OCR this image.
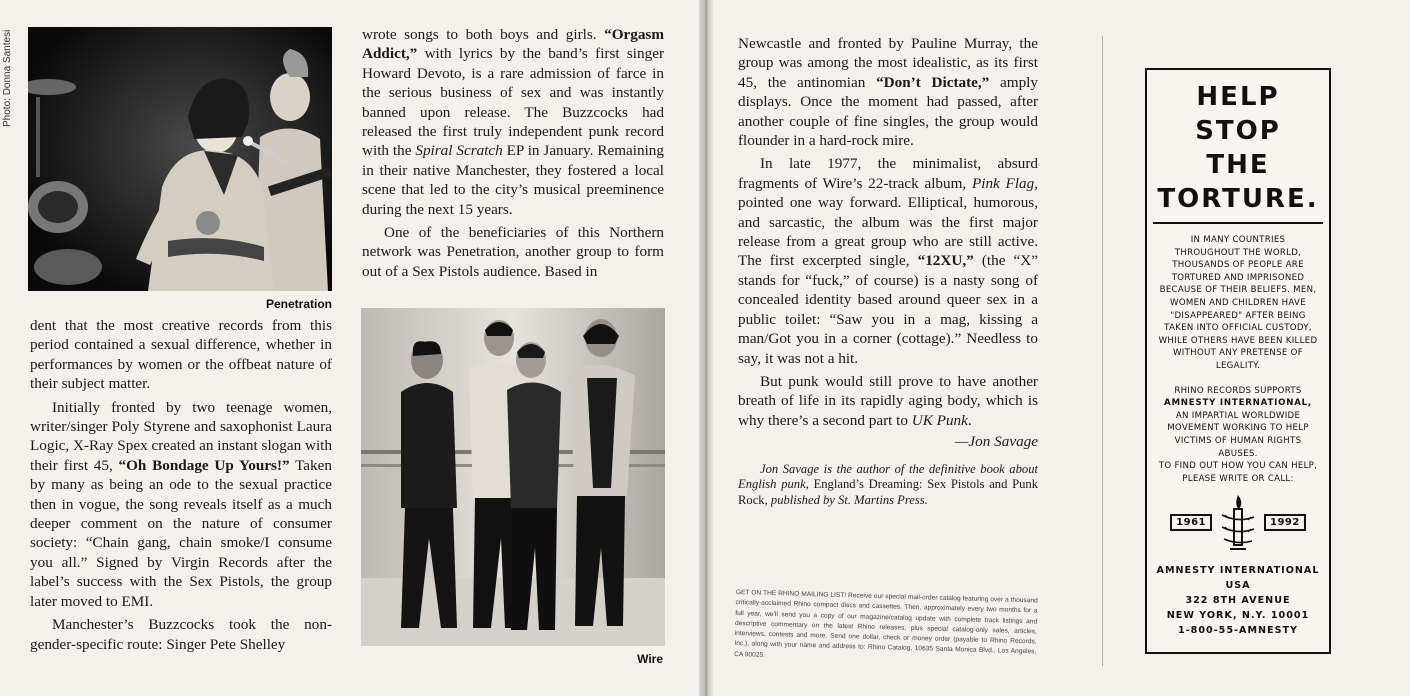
Photo: Donna Santesi
Penetration
Wire

dent that the most creative records from this period contained a sexual difference, whether in performances by women or the offbeat nature of their subject matter.

Initially fronted by two teenage women, writer/singer Poly Styrene and saxophonist Laura Logic, X-Ray Spex created an instant slogan with their first 45, “Oh Bondage Up Yours!” Taken by many as being an ode to the sexual practice then in vogue, the song reveals itself as a much deeper comment on the nature of consumer society: “Chain gang, chain smoke/I consume you all.” Signed by Virgin Records after the label’s success with the Sex Pistols, the group later moved to EMI.

Manchester’s Buzzcocks took the non-gender-specific route: Singer Pete Shelley

wrote songs to both boys and girls. “Orgasm Addict,” with lyrics by the band’s first singer Howard Devoto, is a rare admission of farce in the serious business of sex and was instantly banned upon release. The Buzzcocks had released the first truly independent punk record with the Spiral Scratch EP in January. Remaining in their native Manchester, they fostered a local scene that led to the city’s musical preeminence during the next 15 years.

One of the beneficiaries of this Northern network was Penetration, another group to form out of a Sex Pistols audience. Based in

Newcastle and fronted by Pauline Murray, the group was among the most idealistic, as its first 45, the antinomian “Don’t Dictate,” amply displays. Once the moment had passed, after another couple of fine singles, the group would flounder in a hard-rock mire.

In late 1977, the minimalist, absurd fragments of Wire’s 22-track album, Pink Flag, pointed one way forward. Elliptical, humorous, and sarcastic, the album was the first major release from a great group who are still active. The first excerpted single, “12XU,” (the “X” stands for “fuck,” of course) is a nasty song of concealed identity based around queer sex in a public toilet: “Saw you in a mag, kissing a man/Got you in a corner (cottage).” Needless to say, it was not a hit.

But punk would still prove to have another breath of life in its rapidly aging body, which is why there’s a second part to UK Punk.

—Jon Savage

Jon Savage is the author of the definitive book about English punk, England’s Dreaming: Sex Pistols and Punk Rock, published by St. Martins Press.

GET ON THE RHINO MAILING LIST! Receive our special mail-order catalog featuring over a thousand critically-acclaimed Rhino compact discs and cassettes. Then, approximately every two months for a full year, we’ll send you a copy of our magazine/catalog update with complete track listings and descriptive commentary on the latest Rhino releases, plus special catalog-only sales, articles, interviews, contests and more. Send one dollar, check or money order (payable to Rhino Records, Inc.), along with your name and address to: Rhino Catalog, 10635 Santa Monica Blvd., Los Angeles, CA 90025.
HELP
STOP
THE
TORTURE.
IN MANY COUNTRIES THROUGHOUT THE WORLD, THOUSANDS OF PEOPLE ARE TORTURED AND IMPRISONED BECAUSE OF THEIR BELIEFS. MEN, WOMEN AND CHILDREN HAVE "DISAPPEARED" AFTER BEING TAKEN INTO OFFICIAL CUSTODY, WHILE OTHERS HAVE BEEN KILLED WITHOUT ANY PRETENSE OF LEGALITY.
RHINO RECORDS SUPPORTS AMNESTY INTERNATIONAL, AN IMPARTIAL WORLDWIDE MOVEMENT WORKING TO HELP VICTIMS OF HUMAN RIGHTS ABUSES.
TO FIND OUT HOW YOU CAN HELP, PLEASE WRITE OR CALL:
1961	1992
AMNESTY INTERNATIONAL
USA
322 8TH AVENUE
NEW YORK, N.Y. 10001
1-800-55-AMNESTY
